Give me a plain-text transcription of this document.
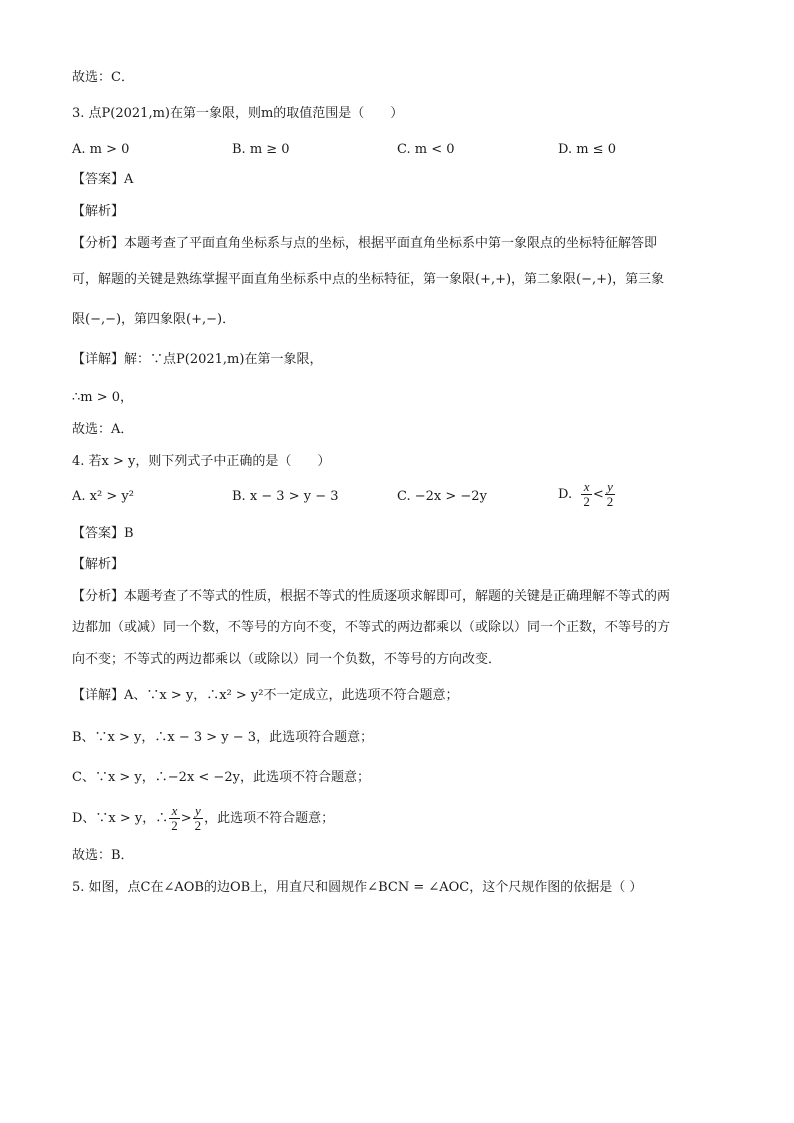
故选：C．
3. 点P(2021,m)在第一象限，则m的取值范围是（　　）
A. m > 0	B. m ≥ 0	C. m < 0	D. m ≤ 0
【答案】A
【解析】
【分析】本题考查了平面直角坐标系与点的坐标，根据平面直角坐标系中第一象限点的坐标特征解答即
可，解题的关键是熟练掌握平面直角坐标系中点的坐标特征，第一象限(+,+)，第二象限(−,+)，第三象
限(−,−)，第四象限(+,−)．
【详解】解：∵点P(2021,m)在第一象限，
∴m > 0，
故选：A．
4. 若x > y，则下列式子中正确的是（　　）
A. x² > y²	B. x − 3 > y − 3	C. −2x > −2y	D.
$\frac{x}{2} < \frac{y}{2}$
【答案】B
【解析】
【分析】本题考查了不等式的性质，根据不等式的性质逐项求解即可，解题的关键是正确理解不等式的两
边都加（或减）同一个数，不等号的方向不变，不等式的两边都乘以（或除以）同一个正数，不等号的方
向不变；不等式的两边都乘以（或除以）同一个负数，不等号的方向改变．
【详解】A、∵x > y，∴x² > y²不一定成立，此选项不符合题意；
B、∵x > y，∴x − 3 > y − 3，此选项符合题意；
C、∵x > y，∴−2x < −2y，此选项不符合题意；
D、∵x > y，∴ $\frac{x}{2} > \frac{y}{2}$ ，此选项不符合题意；
故选：B．
5. 如图，点C在∠AOB的边OB上，用直尺和圆规作∠BCN = ∠AOC，这个尺规作图的依据是（ ）
